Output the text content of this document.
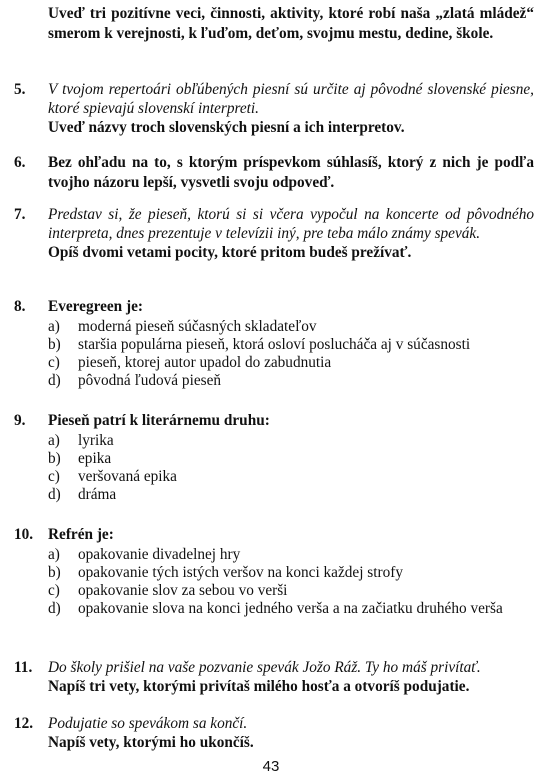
Uveď tri pozitívne veci, činnosti, aktivity, ktoré robí naša „zlatá mládež“ smerom k verejnosti, k ľuďom, deťom, svojmu mestu, dedine, škole.
5. V tvojom repertoári obľúbených piesní sú určite aj pôvodné slovenské piesne, ktoré spievajú slovenskí interpreti.
Uveď názvy troch slovenských piesní a ich interpretov.
6. Bez ohľadu na to, s ktorým príspevkom súhlasíš, ktorý z nich je podľa tvojho názoru lepší, vysvetli svoju odpoveď.
7. Predstav si, že pieseň, ktorú si si včera vypočul na koncerte od pôvodného interpreta, dnes prezentuje v televízii iný, pre teba málo známy spevák.
Opíš dvomi vetami pocity, ktoré pritom budeš prežívať.
8. Everegreen je:
a) moderná pieseň súčasných skladateľov
b) staršia populárna pieseň, ktorá osloví poslucháča aj v súčasnosti
c) pieseň, ktorej autor upadol do zabudnutia
d) pôvodná ľudová pieseň
9. Pieseň patrí k literárnemu druhu:
a) lyrika
b) epika
c) veršovaná epika
d) dráma
10. Refrén je:
a) opakovanie divadelnej hry
b) opakovanie tých istých veršov na konci každej strofy
c) opakovanie slov za sebou vo verši
d) opakovanie slova na konci jedného verša a na začiatku druhého verša
11. Do školy prišiel na vaše pozvanie spevák Jožo Ráž. Ty ho máš privítať.
Napíš tri vety, ktorými privítaš milého hosťa a otvoríš podujatie.
12. Podujatie so spevákom sa končí.
Napíš vety, ktorými ho ukončíš.
43
